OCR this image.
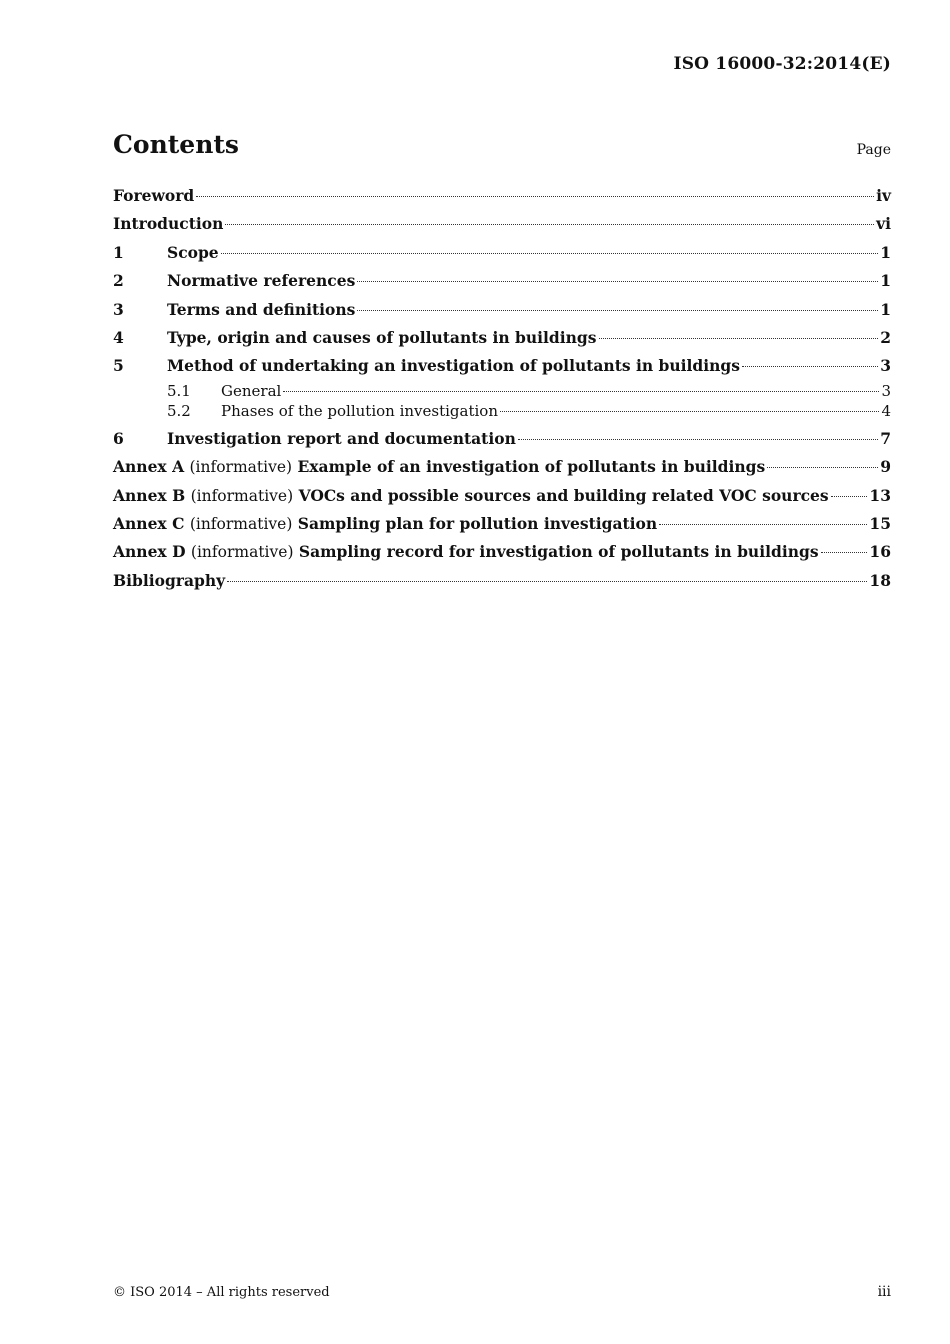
ISO 16000-32:2014(E)
Contents	Page
Foreword	iv
Introduction	vi
1	Scope	1
2	Normative references	1
3	Terms and definitions	1
4	Type, origin and causes of pollutants in buildings	2
5	Method of undertaking an investigation of pollutants in buildings	3
5.1	General	3
5.2	Phases of the pollution investigation	4
6	Investigation report and documentation	7
Annex A (informative) Example of an investigation of pollutants in buildings	9
Annex B (informative) VOCs and possible sources and building related VOC sources	13
Annex C (informative) Sampling plan for pollution investigation	15
Annex D (informative) Sampling record for investigation of pollutants in buildings	16
Bibliography	18
© ISO 2014 – All rights reserved	iii
